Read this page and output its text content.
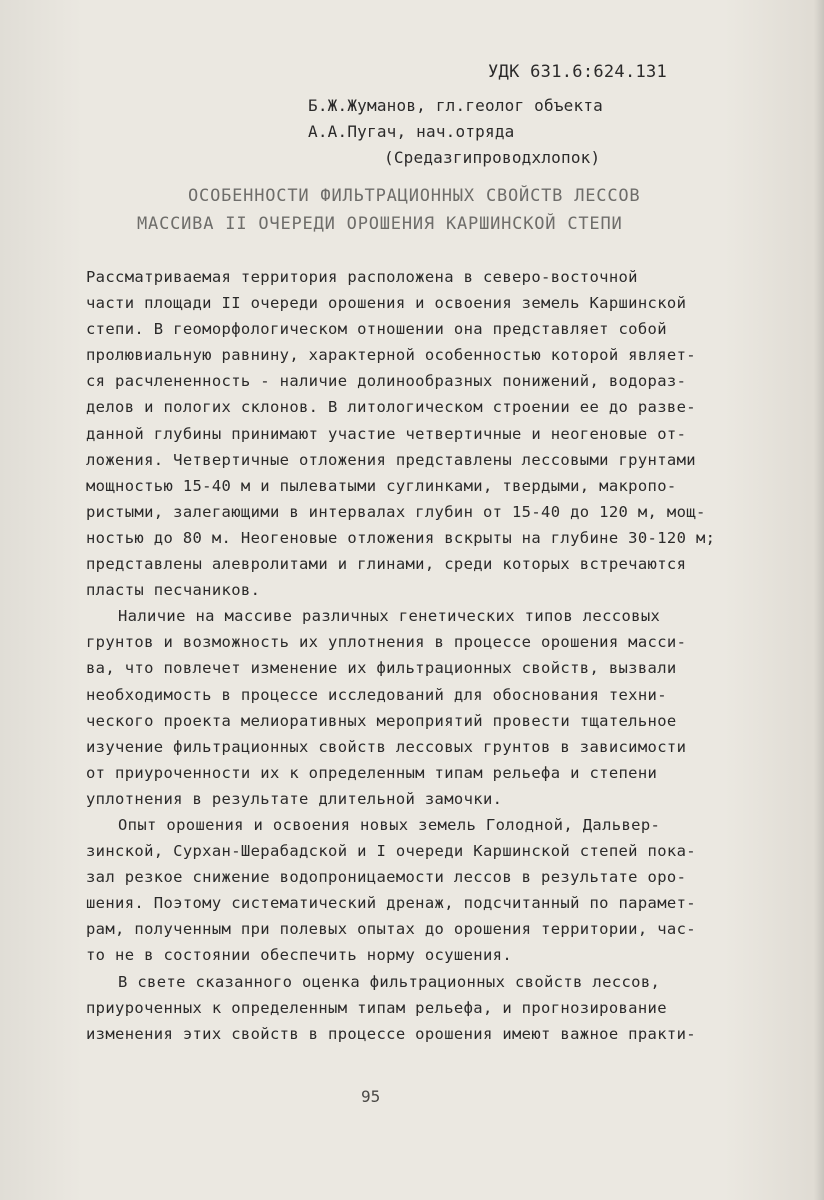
УДК 631.6:624.131
Б.Ж.Жуманов, гл.геолог объекта
А.А.Пугач, нач.отряда
(Средазгипроводхлопок)
ОСОБЕННОСТИ ФИЛЬТРАЦИОННЫХ СВОЙСТВ ЛЕССОВ
МАССИВА II ОЧЕРЕДИ ОРОШЕНИЯ КАРШИНСКОЙ СТЕПИ
Рассматриваемая территория расположена в северо-восточной
части площади II очереди орошения и освоения земель Каршинской
степи. В геоморфологическом отношении она представляет собой
пролювиальную равнину, характерной особенностью которой являет-
ся расчлененность - наличие долинообразных понижений, водораз-
делов и пологих склонов. В литологическом строении ее до разве-
данной глубины принимают участие четвертичные и неогеновые от-
ложения. Четвертичные отложения представлены лессовыми грунтами
мощностью 15-40 м и пылеватыми суглинками, твердыми, макропо-
ристыми, залегающими в интервалах глубин от 15-40 до 120 м, мощ-
ностью до 80 м. Неогеновые отложения вскрыты на глубине 30-120 м;
представлены алевролитами и глинами, среди которых встречаются
пласты песчаников.
Наличие на массиве различных генетических типов лессовых
грунтов и возможность их уплотнения в процессе орошения масси-
ва, что повлечет изменение их фильтрационных свойств, вызвали
необходимость в процессе исследований для обоснования техни-
ческого проекта мелиоративных мероприятий провести тщательное
изучение фильтрационных свойств лессовых грунтов в зависимости
от приуроченности их к определенным типам рельефа и степени
уплотнения в результате длительной замочки.
Опыт орошения и освоения новых земель Голодной, Дальвер-
зинской, Сурхан-Шерабадской и I очереди Каршинской степей пока-
зал резкое снижение водопроницаемости лессов в результате оро-
шения. Поэтому систематический дренаж, подсчитанный по парамет-
рам, полученным при полевых опытах до орошения территории, час-
то не в состоянии обеспечить норму осушения.
В свете сказанного оценка фильтрационных свойств лессов,
приуроченных к определенным типам рельефа, и прогнозирование
изменения этих свойств в процессе орошения имеют важное практи-
95
